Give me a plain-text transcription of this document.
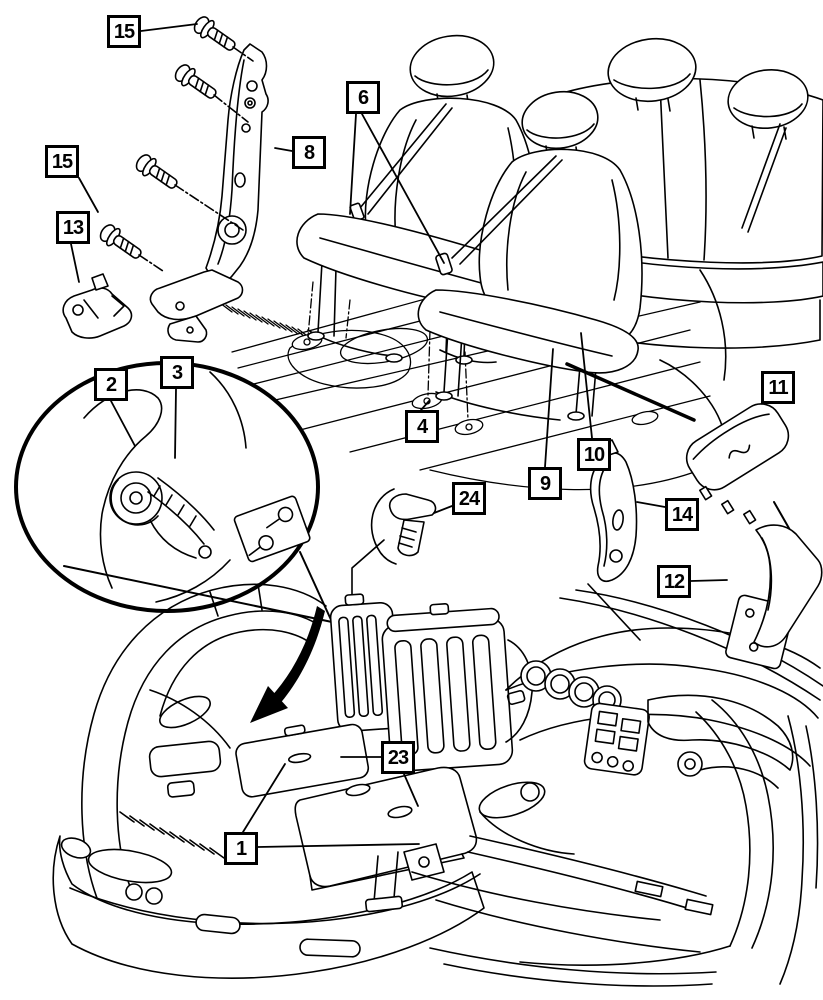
15
15
13
8
6
2
3
4
9
10
11
14
12
24
23
1
